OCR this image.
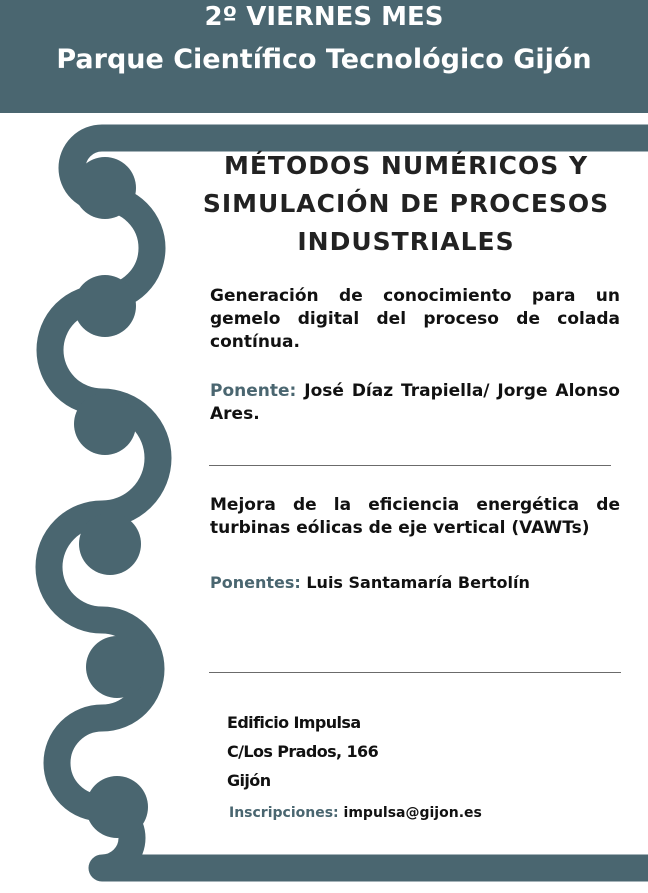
2º VIERNES MES
Parque Científico Tecnológico Gijón
MÉTODOS NUMÉRICOS Y
SIMULACIÓN DE PROCESOS
INDUSTRIALES
Generación de conocimiento para un gemelo digital del proceso de colada contínua.
Ponente: José Díaz Trapiella/ Jorge Alonso Ares.
Mejora de la eficiencia energética de turbinas eólicas de eje vertical (VAWTs)
Ponentes: Luis Santamaría Bertolín
Edificio Impulsa
C/Los Prados, 166
Gijón
Inscripciones: impulsa@gijon.es
